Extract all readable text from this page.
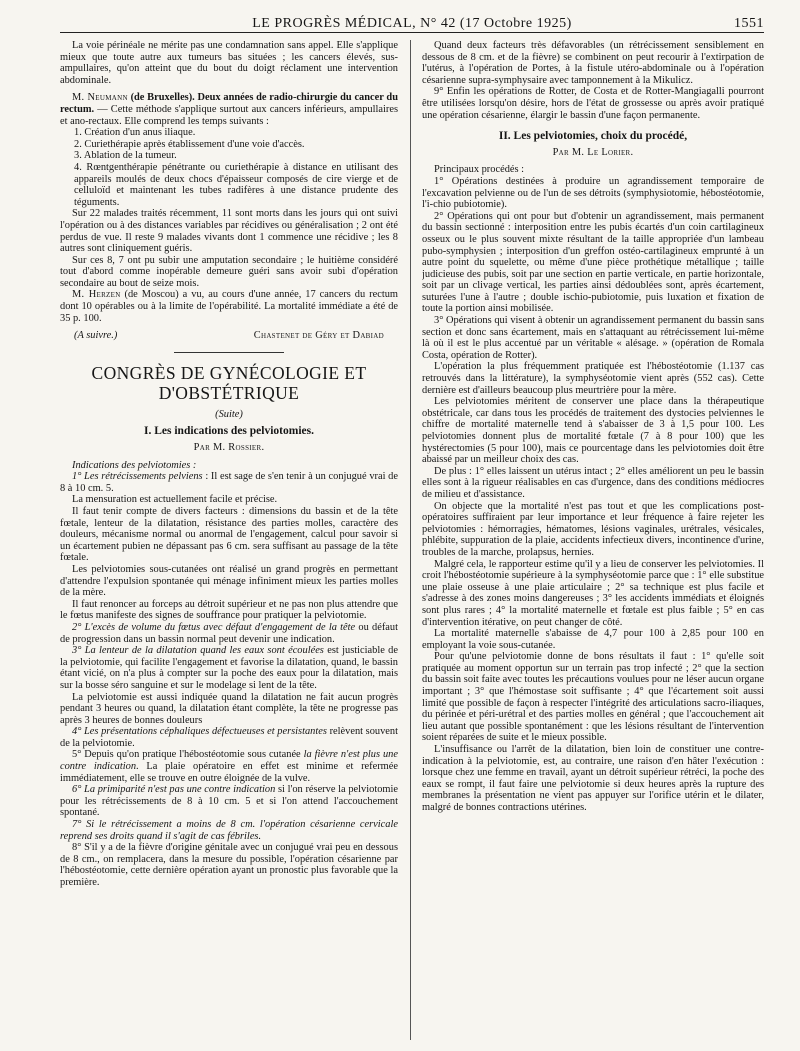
LE PROGRÈS MÉDICAL, N° 42 (17 Octobre 1925)	1551

La voie périnéale ne mérite pas une condamnation sans appel. Elle s'applique mieux que toute autre aux tumeurs bas situées ; les cancers élevés, sus-ampullaires, qu'on atteint que du bout du doigt réclament une intervention abdominale.

M. Neumann (de Bruxelles). Deux années de radio-chirurgie du cancer du rectum. — Cette méthode s'applique surtout aux cancers inférieurs, ampullaires et ano-rectaux. Elle comprend les temps suivants :

1. Création d'un anus iliaque.
2. Curiethérapie après établissement d'une voie d'accès.
3. Ablation de la tumeur.
4. Rœntgenthérapie pénétrante ou curiethérapie à distance en utilisant des appareils moulés de deux chocs d'épaisseur composés de cire vierge et de celluloïd et maintenant les tubes radifères à une distance prudente des téguments.

Sur 22 malades traités récemment, 11 sont morts dans les jours qui ont suivi l'opération ou à des distances variables par récidives ou généralisation ; 2 ont été perdus de vue. Il reste 9 malades vivants dont 1 commence une récidive ; les 8 autres sont cliniquement guéris.

Sur ces 8, 7 ont pu subir une amputation secondaire ; le huitième considéré tout d'abord comme inopérable demeure guéri sans avoir subi d'opération secondaire au bout de seize mois.

M. Herzen (de Moscou) a vu, au cours d'une année, 17 cancers du rectum dont 10 opérables ou à la limite de l'opérabilité. La mortalité immédiate a été de 35 p. 100.

(A suivre.)	Chastenet de Géry et Dabiad
CONGRÈS DE GYNÉCOLOGIE ET D'OBSTÉTRIQUE
(Suite)
I. Les indications des pelviotomies.
Par M. Rossier.

Indications des pelviotomies :

1° Les rétrécissements pelviens : Il est sage de s'en tenir à un conjugué vrai de 8 à 10 cm. 5.

La mensuration est actuellement facile et précise.

Il faut tenir compte de divers facteurs : dimensions du bassin et de la tête fœtale, lenteur de la dilatation, résistance des parties molles, caractère des douleurs, mécanisme normal ou anormal de l'engagement, calcul pour savoir si un écartement pubien ne dépassant pas 6 cm. sera suffisant au passage de la tête fœtale.

Les pelviotomies sous-cutanées ont réalisé un grand progrès en permettant d'attendre l'expulsion spontanée qui ménage infiniment mieux les parties molles de la mère.

Il faut renoncer au forceps au détroit supérieur et ne pas non plus attendre que le fœtus manifeste des signes de souffrance pour pratiquer la pelviotomie.

2° L'excès de volume du fœtus avec défaut d'engagement de la tête ou défaut de progression dans un bassin normal peut devenir une indication.

3° La lenteur de la dilatation quand les eaux sont écoulées est justiciable de la pelviotomie, qui facilite l'engagement et favorise la dilatation, quand, le bassin étant vicié, on n'a plus à compter sur la poche des eaux pour la dilatation, mais sur la bosse séro sanguine et sur le modelage si lent de la tête.

La pelviotomie est aussi indiquée quand la dilatation ne fait aucun progrès pendant 3 heures ou quand, la dilatation étant complète, la tête ne progresse pas après 3 heures de bonnes douleurs

4° Les présentations céphaliques défectueuses et persistantes relèvent souvent de la pelviotomie.

5° Depuis qu'on pratique l'hébostéotomie sous cutanée la fièvre n'est plus une contre indication. La plaie opératoire en effet est minime et refermée immédiatement, elle se trouve en outre éloignée de la vulve.

6° La primiparité n'est pas une contre indication si l'on réserve la pelviotomie pour les rétrécissements de 8 à 10 cm. 5 et si l'on attend l'accouchement spontané.

7° Si le rétrécissement a moins de 8 cm. l'opération césarienne cervicale reprend ses droits quand il s'agit de cas fébriles.

8° S'il y a de la fièvre d'origine génitale avec un conjugué vrai peu en dessous de 8 cm., on remplacera, dans la mesure du possible, l'opération césarienne par l'hébostéotomie, cette dernière opération ayant un pronostic plus favorable que la première.

Quand deux facteurs très défavorables (un rétrécissement sensiblement en dessous de 8 cm. et de la fièvre) se combinent on peut recourir à l'extirpation de l'utérus, à l'opération de Portes, à la fistule utéro-abdominale ou à l'opération césarienne supra-symphysaire avec tamponnement à la Mikulicz.

9° Enfin les opérations de Rotter, de Costa et de Rotter-Mangiagalli pourront être utilisées lorsqu'on désire, hors de l'état de grossesse ou après avoir pratiqué une opération césarienne, élargir le bassin d'une façon permanente.

II. Les pelviotomies, choix du procédé,
Par M. Le Lorier.

Principaux procédés :

1° Opérations destinées à produire un agrandissement temporaire de l'excavation pelvienne ou de l'un de ses détroits (symphysiotomie, hébostéotomie, l'i-chio pubiotomie).

2° Opérations qui ont pour but d'obtenir un agrandissement, mais permanent du bassin sectionné : interposition entre les pubis écartés d'un coin cartilagineux osseux ou le plus souvent mixte résultant de la taille appropriée d'un lambeau pubo-symphysien ; interposition d'un greffon ostéo-cartilagineux emprunté à un autre point du squelette, ou même d'une pièce prothétique métallique ; taille judicieuse des pubis, soit par une section en partie verticale, en partie horizontale, soit par un clivage vertical, les parties ainsi dédoublées sont, après écartement, suturées l'une à l'autre ; double ischio-pubiotomie, puis luxation et fixation de toute la portion ainsi mobilisée.

3° Opérations qui visent à obtenir un agrandissement permanent du bassin sans section et donc sans écartement, mais en s'attaquant au rétrécissement lui-même là où il est le plus accentué par un véritable « alésage. » (opération de Romala Costa, opération de Rotter).

L'opération la plus fréquemment pratiquée est l'hébostéotomie (1.137 cas retrouvés dans la littérature), la symphyséotomie vient après (552 cas). Cette dernière est d'ailleurs beaucoup plus meurtrière pour la mère.

Les pelviotomies méritent de conserver une place dans la thérapeutique obstétricale, car dans tous les procédés de traitement des dystocies pelviennes le chiffre de mortalité maternelle tend à s'abaisser de 3 à 1,5 pour 100. Les pelviotomies donnent plus de mortalité fœtale (7 à 8 pour 100) que les hystérectomies (5 pour 100), mais ce pourcentage dans les pelviotomies doit être abaissé par un meilleur choix des cas.

De plus : 1° elles laissent un utérus intact ; 2° elles améliorent un peu le bassin elles sont à la rigueur réalisables en cas d'urgence, dans des conditions médiocres de milieu et d'assistance.

On objecte que la mortalité n'est pas tout et que les complications post-opératoires suffiraient par leur importance et leur fréquence à faire rejeter les pelviotomies : hémorragies, hématomes, lésions vaginales, urétrales, vésicales, phlébite, suppuration de la plaie, accidents infectieux divers, incontinence d'urine, troubles de la marche, prolapsus, hernies.

Malgré cela, le rapporteur estime qu'il y a lieu de conserver les pelviotomies. Il croit l'hébostéotomie supérieure à la symphyséotomie parce que : 1° elle substitue une plaie osseuse à une plaie articulaire ; 2° sa technique est plus facile et s'adresse à des zones moins dangereuses ; 3° les accidents immédiats et éloignés sont plus rares ; 4° la mortalité maternelle et fœtale est plus faible ; 5° en cas d'intervention itérative, on peut changer de côté.

La mortalité maternelle s'abaisse de 4,7 pour 100 à 2,85 pour 100 en employant la voie sous-cutanée.

Pour qu'une pelviotomie donne de bons résultats il faut : 1° qu'elle soit pratiquée au moment opportun sur un terrain pas trop infecté ; 2° que la section du bassin soit faite avec toutes les précautions voulues pour ne léser aucun organe important ; 3° que l'hémostase soit suffisante ; 4° que l'écartement soit aussi limité que possible de façon à respecter l'intégrité des articulations sacro-iliaques, du périnée et péri-urétral et des parties molles en général ; que l'accouchement ait lieu autant que possible spontanément : que les lésions résultant de l'intervention soient réparées de suite et le mieux possible.

L'insuffisance ou l'arrêt de la dilatation, bien loin de constituer une contre-indication à la pelviotomie, est, au contraire, une raison d'en hâter l'exécution : lorsque chez une femme en travail, ayant un détroit supérieur rétréci, la poche des eaux se rompt, il faut faire une pelviotomie si deux heures après la rupture des membranes la présentation ne vient pas appuyer sur l'orifice utérin et le dilater, malgré de bonnes contractions utérines.
